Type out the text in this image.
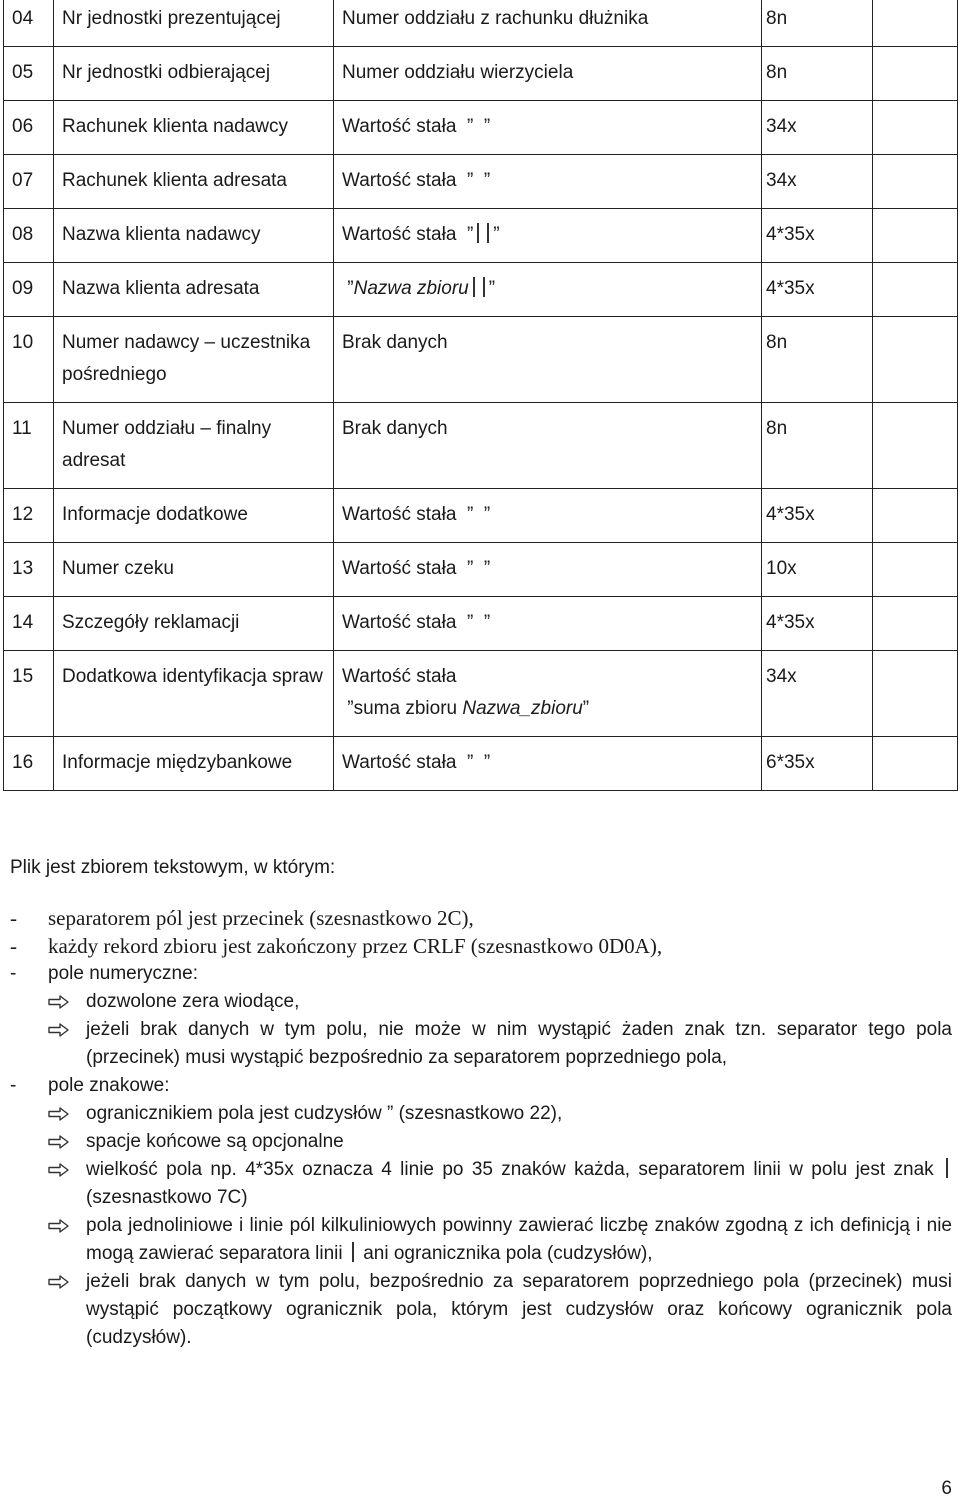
04	Nr jednostki prezentującej	Numer oddziału z rachunku dłużnika	8n	

05	Nr jednostki odbierającej	Numer oddziału wierzyciela	8n	

06	Rachunek klienta nadawcy	Wartość stała  ”  ”	34x	

07	Rachunek klienta adresata	Wartość stała  ”  ”	34x	

08	Nazwa klienta nadawcy	Wartość stała  ” ”	4*35x	

09	Nazwa klienta adresata	”Nazwa zbioru ”	4*35x	

10	Numer nadawcy – uczestnika pośredniego	Brak danych	8n	

11	Numer oddziału – finalny adresat	Brak danych	8n	

12	Informacje dodatkowe	Wartość stała  ”  ”	4*35x	

13	Numer czeku	Wartość stała  ”  ”	10x	

14	Szczegóły reklamacji	Wartość stała  ”  ”	4*35x	

15	Dodatkowa identyfikacja spraw	Wartość stała
”suma zbioru Nazwa_zbioru”	34x	

16	Informacje międzybankowe	Wartość stała  ”  ”	6*35x	

Plik jest zbiorem tekstowym, w którym:

-	separatorem pól jest przecinek (szesnastkowo 2C),
-	każdy rekord zbioru jest zakończony przez CRLF (szesnastkowo 0D0A),
-	pole numeryczne:
dozwolone zera wiodące,
jeżeli brak danych w tym polu, nie może w nim wystąpić żaden znak tzn. separator tego pola (przecinek) musi wystąpić bezpośrednio za separatorem poprzedniego pola,
-	pole znakowe:
ogranicznikiem pola jest cudzysłów ” (szesnastkowo 22),
spacje końcowe są opcjonalne
wielkość pola np. 4*35x oznacza 4 linie po 35 znaków każda, separatorem linii w polu jest znak  (szesnastkowo 7C)
pola jednoliniowe i linie pól kilkuliniowych powinny zawierać liczbę znaków zgodną z ich definicją i nie mogą zawierać separatora linii ani ogranicznika pola (cudzysłów),
jeżeli brak danych w tym polu, bezpośrednio za separatorem poprzedniego pola (przecinek) musi wystąpić początkowy ogranicznik pola, którym jest cudzysłów oraz końcowy ogranicznik pola (cudzysłów).
6
